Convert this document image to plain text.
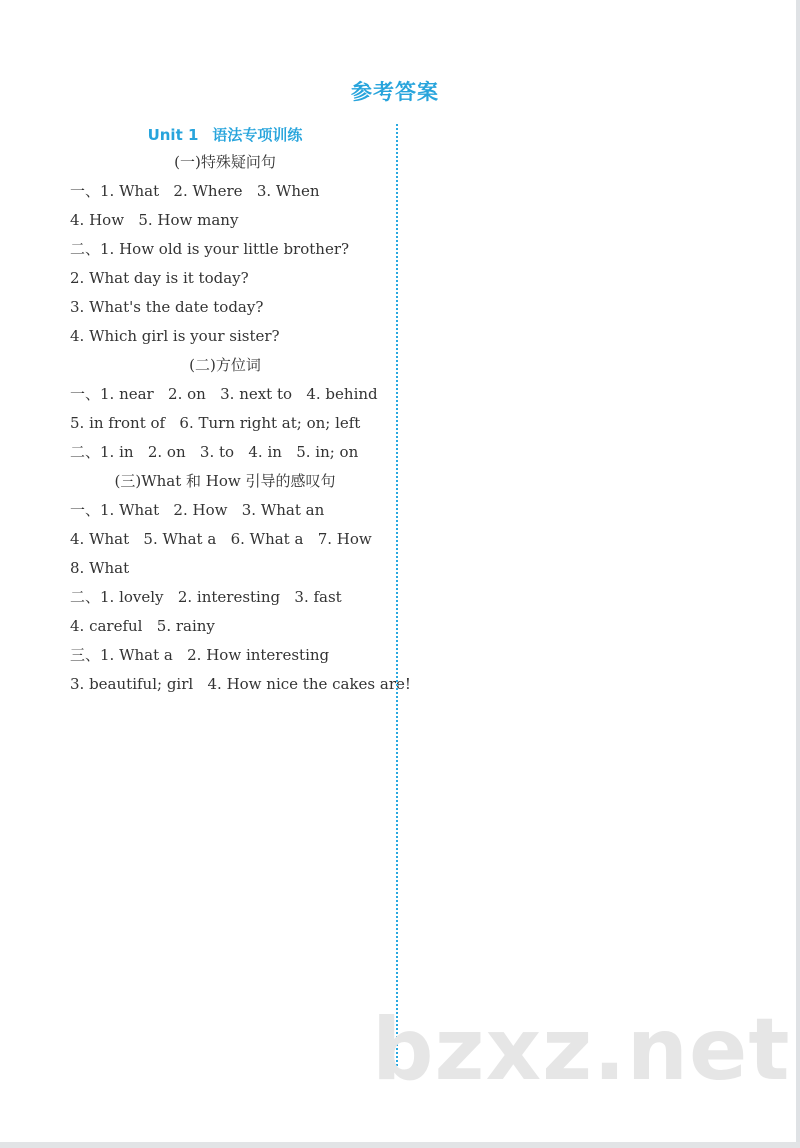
参考答案
Unit 1 语法专项训练
(一)特殊疑问句
一、1. What   2. Where   3. When
4. How   5. How many
二、1. How old is your little brother?
2. What day is it today?
3. What's the date today?
4. Which girl is your sister?
(二)方位词
一、1. near   2. on   3. next to   4. behind
5. in front of   6. Turn right at; on; left
二、1. in   2. on   3. to   4. in   5. in; on
(三)What 和 How 引导的感叹句
一、1. What   2. How   3. What an
4. What   5. What a   6. What a   7. How
8. What
二、1. lovely   2. interesting   3. fast
4. careful   5. rainy
三、1. What a   2. How interesting
3. beautiful; girl   4. How nice the cakes are!
bzxz.net
